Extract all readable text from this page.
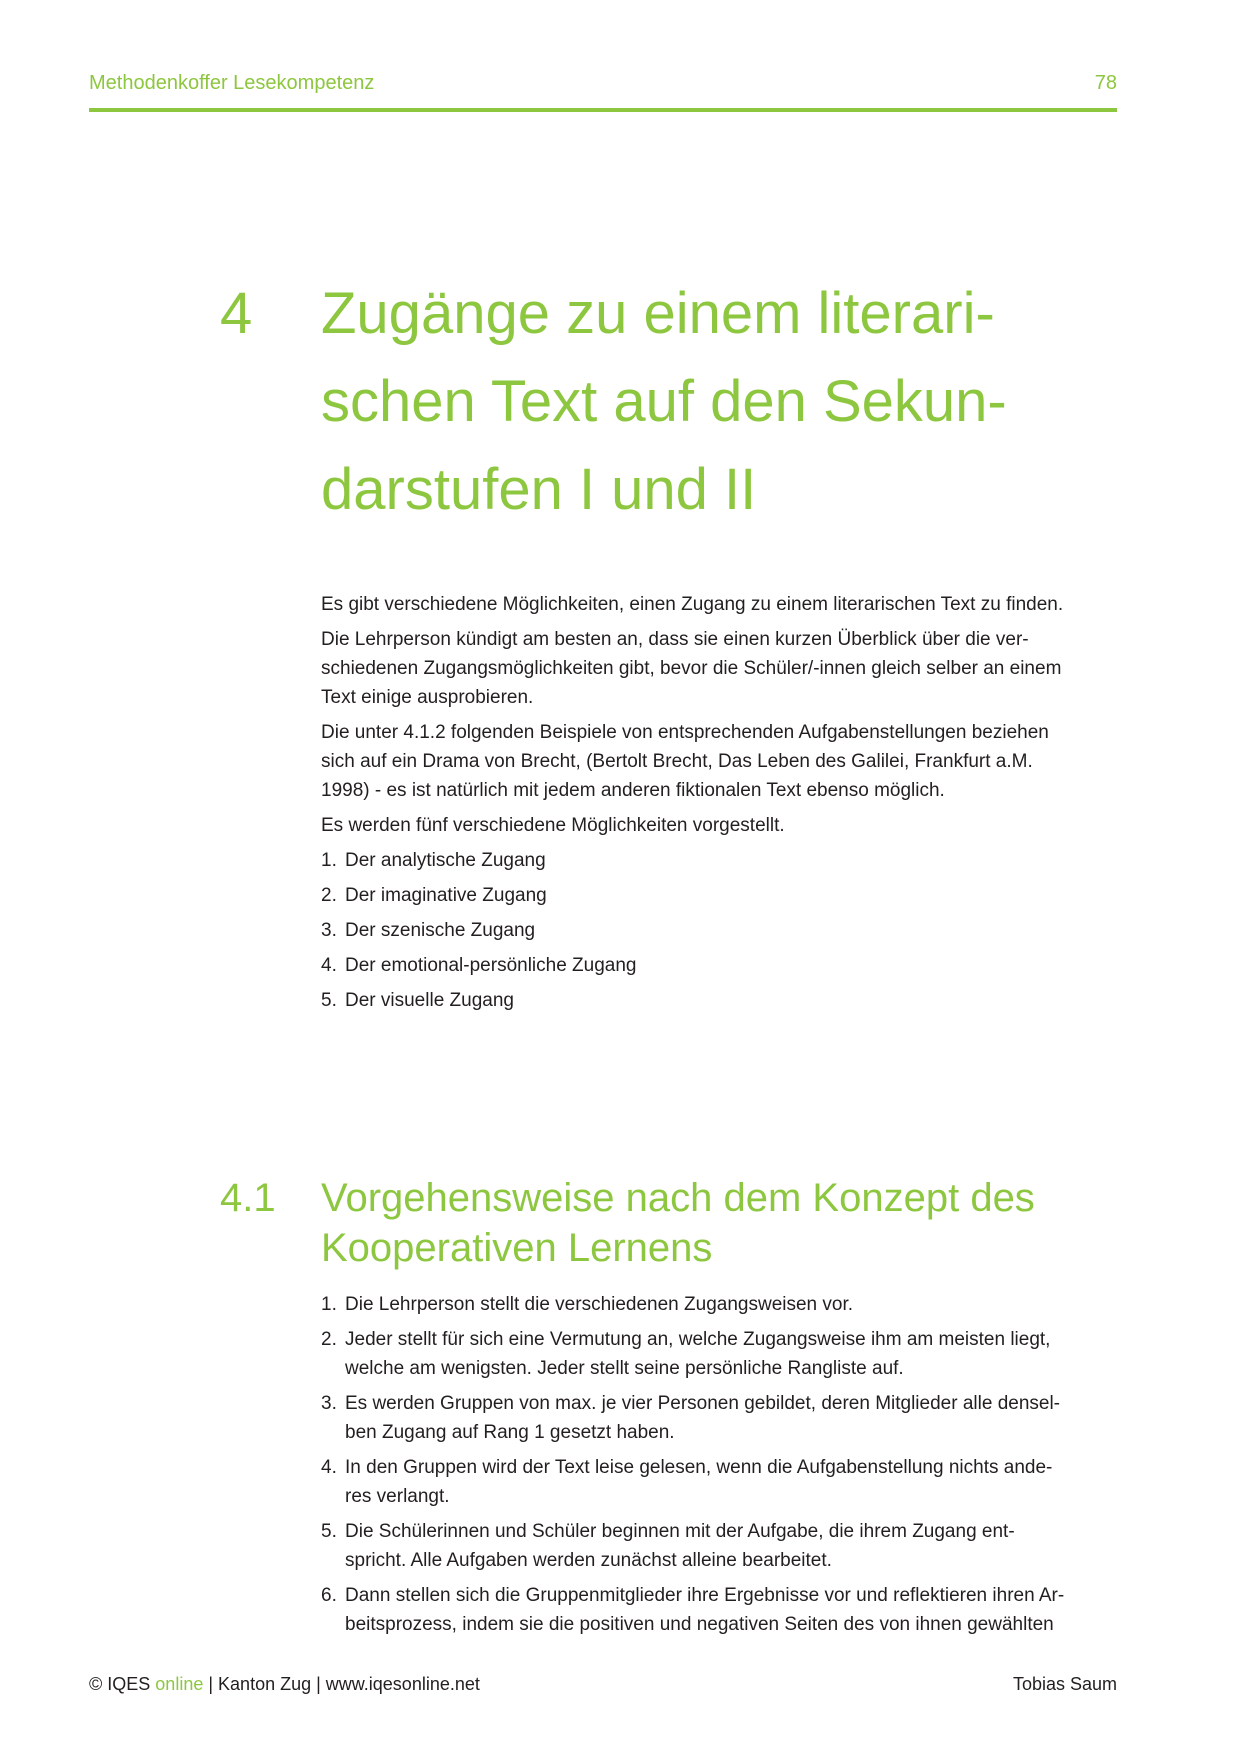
Methodenkoffer Lesekompetenz	78
4 Zugänge zu einem literari-
schen Text auf den Sekun-
darstufen I und II

Es gibt verschiedene Möglichkeiten, einen Zugang zu einem literarischen Text zu finden.

Die Lehrperson kündigt am besten an, dass sie einen kurzen Überblick über die ver-
schiedenen Zugangsmöglichkeiten gibt, bevor die Schüler/-innen gleich selber an einem
Text einige ausprobieren.

Die unter 4.1.2 folgenden Beispiele von entsprechenden Aufgabenstellungen beziehen
sich auf ein Drama von Brecht, (Bertolt Brecht, Das Leben des Galilei, Frankfurt a.M.
1998) - es ist natürlich mit jedem anderen fiktionalen Text ebenso möglich.

Es werden fünf verschiedene Möglichkeiten vorgestellt.

1. Der analytische Zugang
2. Der imaginative Zugang
3. Der szenische Zugang
4. Der emotional-persönliche Zugang
5. Der visuelle Zugang
4.1 Vorgehensweise nach dem Konzept des
Kooperativen Lernens
1. Die Lehrperson stellt die verschiedenen Zugangsweisen vor.
2. Jeder stellt für sich eine Vermutung an, welche Zugangsweise ihm am meisten liegt,
welche am wenigsten. Jeder stellt seine persönliche Rangliste auf.
3. Es werden Gruppen von max. je vier Personen gebildet, deren Mitglieder alle densel-
ben Zugang auf Rang 1 gesetzt haben.
4. In den Gruppen wird der Text leise gelesen, wenn die Aufgabenstellung nichts ande-
res verlangt.
5. Die Schülerinnen und Schüler beginnen mit der Aufgabe, die ihrem Zugang ent-
spricht. Alle Aufgaben werden zunächst alleine bearbeitet.
6. Dann stellen sich die Gruppenmitglieder ihre Ergebnisse vor und reflektieren ihren Ar-
beitsprozess, indem sie die positiven und negativen Seiten des von ihnen gewählten
© IQES online | Kanton Zug | www.iqesonline.net	Tobias Saum
